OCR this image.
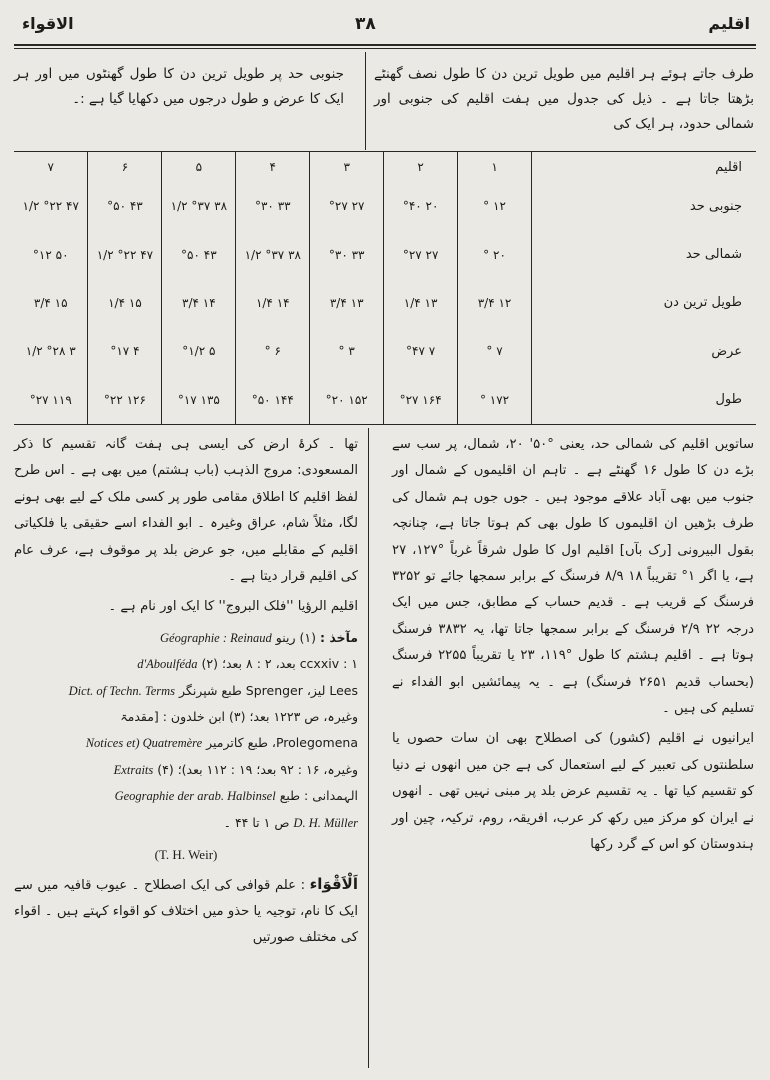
الاقواء	۳۸	اقلیم
طرف جاتے ہوئے ہر اقلیم میں طویل ترین دن کا طول نصف گھنٹے بڑھتا جاتا ہے ۔ ذیل کی جدول میں ہفت اقلیم کی جنوبی اور شمالی حدود، ہر ایک کی
جنوبی حد پر طویل ترین دن کا طول گھنٹوں میں اور ہر ایک کا عرض و طول درجوں میں دکھایا گیا ہے :۔
اقلیم	۱	۲	۳	۴	۵	۶	۷
جنوبی حد	۱۲ °	۲۰ °۴۰	۲۷ °۲۷	۳۳ °۳۰	۳۸ °۳۷ ۱/۲	۴۳ °۵۰	۴۷ °۲۲ ۱/۲
شمالی حد	۲۰ °	۲۷ °۲۷	۳۳ °۳۰	۳۸ °۳۷ ۱/۲	۴۳ °۵۰	۴۷ °۲۲ ۱/۲	۵۰ °۱۲
طویل ترین دن	۱۲ ۳/۴	۱۳ ۱/۴	۱۳ ۳/۴	۱۴ ۱/۴	۱۴ ۳/۴	۱۵ ۱/۴	۱۵ ۳/۴
عرض	۷ °	۷ °۴۷	۳ °	۶ °	۵ °۱/۲	۴ °۱۷	۳ °۲۸ ۱/۲
طول	۱۷۲ °	۱۶۴ °۲۷	۱۵۲ °۲۰	۱۴۴ °۵۰	۱۳۵ °۱۷	۱۲۶ °۲۲	۱۱۹ °۲۷

ساتویں اقلیم کی شمالی حد، یعنی °۵۰' ۲۰، شمال، پر سب سے بڑے دن کا طول ۱۶ گھنٹے ہے ۔ تاہم ان اقلیموں کے شمال اور جنوب میں بھی آباد علاقے موجود ہیں ۔ جوں جوں ہم شمال کی طرف بڑھیں ان اقلیموں کا طول بھی کم ہوتا جاتا ہے، چنانچہ بقول البیرونی [رک بآں] اقلیم اول کا طول شرقاً غرباً °۱۲۷، ۲۷ ہے، یا اگر ۱° تقریباً ۱۸ ۸/۹ فرسنگ کے برابر سمجھا جائے تو ۳۲۵۲ فرسنگ کے قریب ہے ۔ قدیم حساب کے مطابق، جس میں ایک درجہ ۲۲ ۲/۹ فرسنگ کے برابر سمجھا جاتا تھا، یہ ۳۸۳۲ فرسنگ ہوتا ہے ۔ اقلیم ہشتم کا طول °۱۱۹، ۲۳ یا تقریباً ۲۲۵۵ فرسنگ (بحساب قدیم ۲۶۵۱ فرسنگ) ہے ۔ یہ پیمائشیں ابو الفداء نے تسلیم کی ہیں ۔

ایرانیوں نے اقلیم (کشور) کی اصطلاح بھی ان سات حصوں یا سلطنتوں کی تعبیر کے لیے استعمال کی ہے جن میں انھوں نے دنیا کو تقسیم کیا تھا ۔ یہ تقسیم عرض بلد پر مبنی نہیں تھی ۔ انھوں نے ایران کو مرکز میں رکھ کر عرب، افریقہ، روم، ترکیہ، چین اور ہندوستان کو اس کے گرد رکھا

تھا ۔ کرۂ ارض کی ایسی ہی ہفت گانہ تقسیم کا ذکر المسعودی: مروج الذہب (باب ہشتم) میں بھی ہے ۔ اس طرح لفظ اقلیم کا اطلاق مقامی طور پر کسی ملک کے لیے بھی ہونے لگا، مثلاً شام، عراق وغیرہ ۔ ابو الفداء اسے حقیقی یا فلکیاتی اقلیم کے مقابلے میں، جو عرض بلد پر موقوف ہے، عرف عام کی اقلیم قرار دیتا ہے ۔

اقلیم الرؤیا ''فلک البروج'' کا ایک اور نام ہے ۔

مآخذ : (۱) رینو Géographie : Reinaud
۱ : ccxxiv بعد، ۲ : ۸ بعد؛ (۲) d'Aboulféda
Lees لیز، Sprenger طبع شپرنگر Dict. of Techn. Terms
وغیرہ، ص ۱۲۲۳ بعد؛ (۳) ابن خلدون : [مقدمۃ
Prolegomena، طبع کاترمیر Notices et) Quatremère
وغیرہ، ۱۶ : ۹۲ بعد؛ ۱۹ : ۱۱۲ بعد)؛ (۴) Extraits
الہمدانی : طبع Geographie der arab. Halbinsel
D. H. Müller ص ۱ تا ۴۴ ۔
(T. H. Weir)

اَلْاَقْوَاء : علم قوافی کی ایک اصطلاح ۔ عیوب قافیہ میں سے ایک کا نام، توجیہ یا حذو میں اختلاف کو اقواء کہتے ہیں ۔ اقواء کی مختلف صورتیں
